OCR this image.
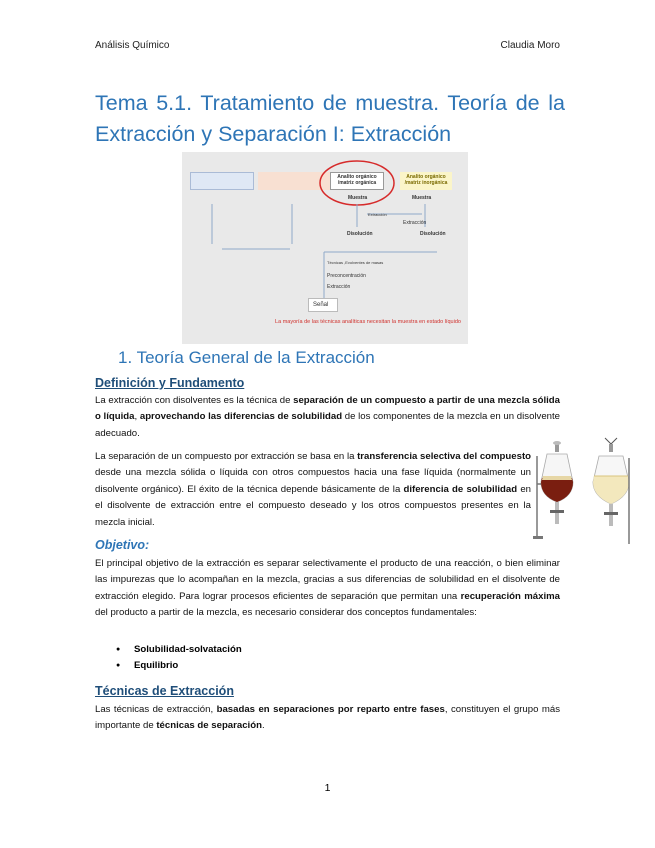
Análisis Químico	Claudia Moro
Tema 5.1. Tratamiento de muestra. Teoría de la Extracción y Separación I: Extracción
Analito orgánico /matriz orgánica
Analito orgánico /matriz inorgánica
Muestra	Muestra
Extracción
Extracción
Disolución	Disolución
Técnicas ,Evolventes de masas
Preconcentración
Extracción
Señal
La mayoría de las técnicas analíticas necesitan la muestra en estado líquido
1. Teoría General de la Extracción
Definición y Fundamento

La extracción con disolventes es la técnica de separación de un compuesto a partir de una mezcla sólida o líquida, aprovechando las diferencias de solubilidad de los componentes de la mezcla en un disolvente adecuado.

La separación de un compuesto por extracción se basa en la transferencia selectiva del compuesto desde una mezcla sólida o líquida con otros compuestos hacia una fase líquida (normalmente un disolvente orgánico). El éxito de la técnica depende básicamente de la diferencia de solubilidad en el disolvente de extracción entre el compuesto deseado y los otros compuestos presentes en la mezcla inicial.

Objetivo:

El principal objetivo de la extracción es separar selectivamente el producto de una reacción, o bien eliminar las impurezas que lo acompañan en la mezcla, gracias a sus diferencias de solubilidad en el disolvente de extracción elegido. Para lograr procesos eficientes de separación que permitan una recuperación máxima del producto a partir de la mezcla, es necesario considerar dos conceptos fundamentales:

● Solubilidad-solvatación
● Equilibrio
Técnicas de Extracción

Las técnicas de extracción, basadas en separaciones por reparto entre fases, constituyen el grupo más importante de técnicas de separación.

1
